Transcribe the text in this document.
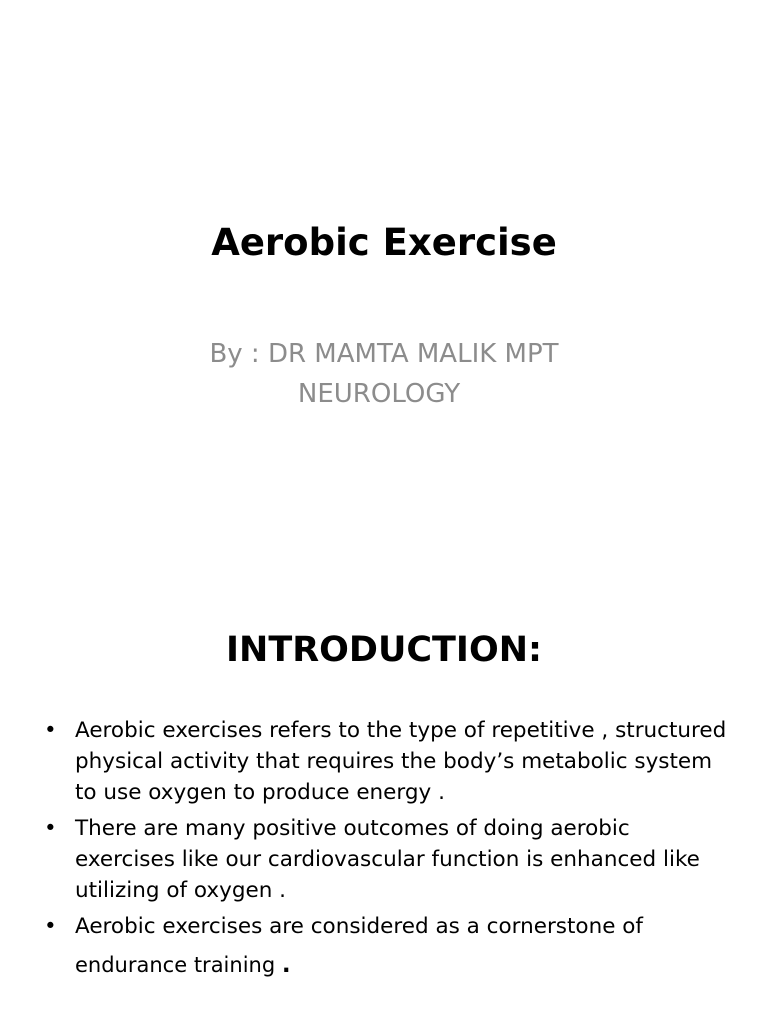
Aerobic Exercise
By : DR MAMTA MALIK MPT
NEUROLOGY
INTRODUCTION:
• Aerobic exercises refers to the type of repetitive , structured physical activity that requires the body’s metabolic system to use oxygen to produce energy .
• There are many positive outcomes of doing aerobic exercises like our cardiovascular function is enhanced like utilizing of oxygen .
• Aerobic exercises are considered as a cornerstone of
endurance training .
